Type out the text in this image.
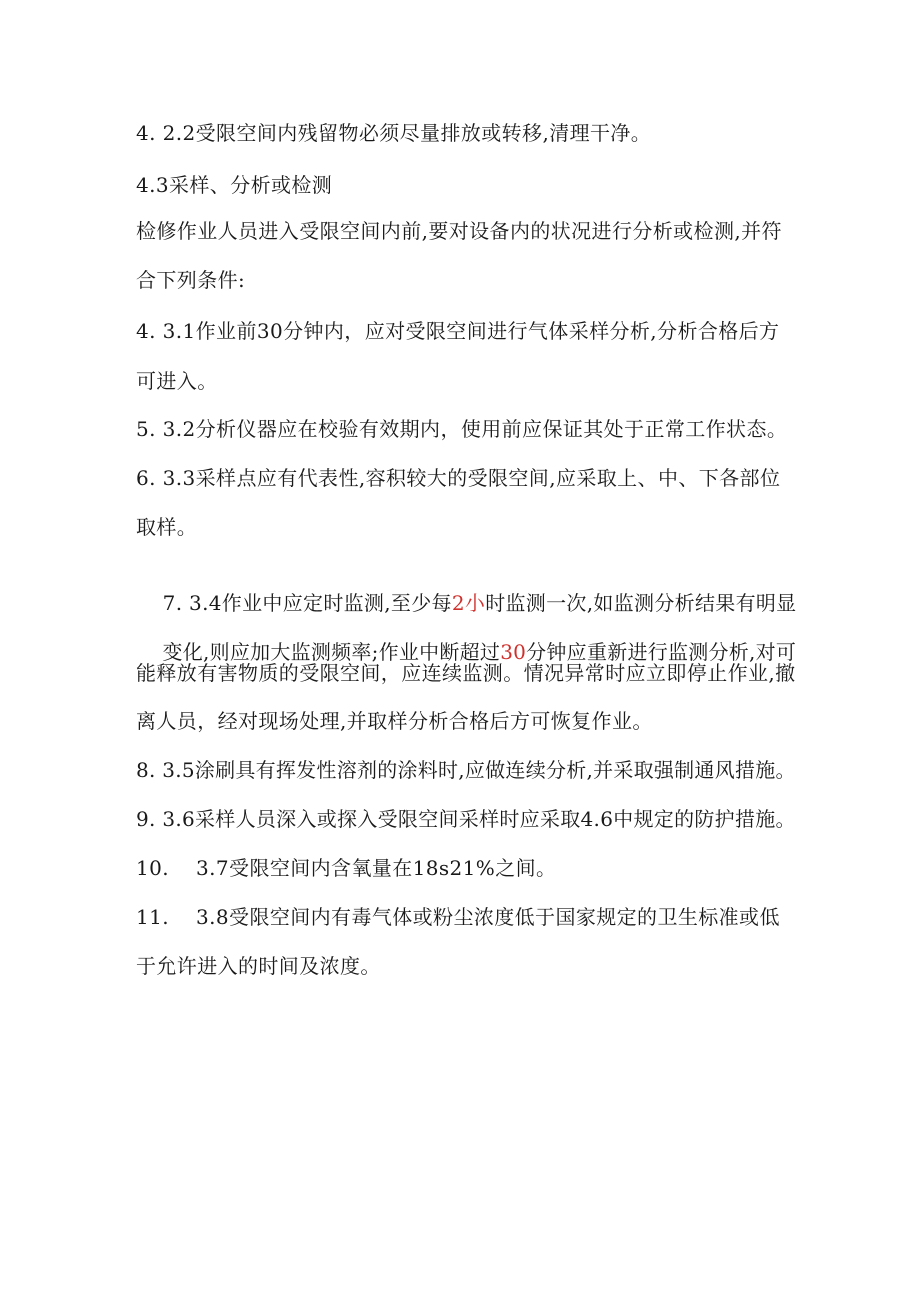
4. 2.2受限空间内残留物必须尽量排放或转移,清理干净。
4.3采样、分析或检测
检修作业人员进入受限空间内前,要对设备内的状况进行分析或检测,并符
合下列条件:
4. 3.1作业前30分钟内，应对受限空间进行气体采样分析,分析合格后方
可进入。
5. 3.2分析仪器应在校验有效期内，使用前应保证其处于正常工作状态。
6. 3.3采样点应有代表性,容积较大的受限空间,应采取上、中、下各部位
取样。

7. 3.4作业中应定时监测,至少每2小时监测一次,如监测分析结果有明显

变化,则应加大监测频率;作业中断超过30分钟应重新进行监测分析,对可

能释放有害物质的受限空间，应连续监测。情况异常时应立即停止作业,撤
离人员，经对现场处理,并取样分析合格后方可恢复作业。
8. 3.5涂刷具有挥发性溶剂的涂料时,应做连续分析,并采取强制通风措施。
9. 3.6采样人员深入或探入受限空间采样时应采取4.6中规定的防护措施。
10.    3.7受限空间内含氧量在18s21%之间。
11.    3.8受限空间内有毒气体或粉尘浓度低于国家规定的卫生标准或低
于允许进入的时间及浓度。
